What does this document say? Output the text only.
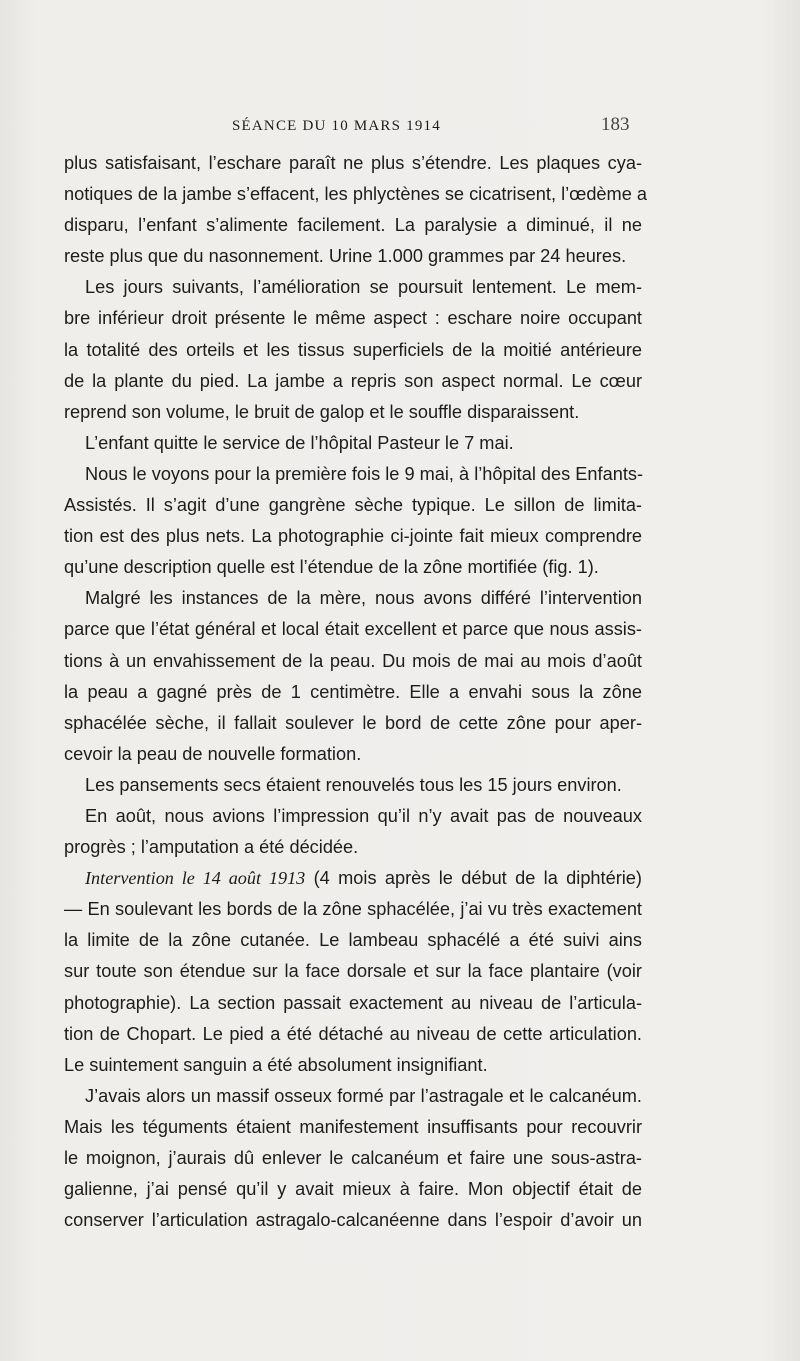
SÉANCE DU 10 MARS 1914	183
plus satisfaisant, l’eschare paraît ne plus s’étendre. Les plaques cya-
notiques de la jambe s’effacent, les phlyctènes se cicatrisent, l’œdème a
disparu, l’enfant s’alimente facilement. La paralysie a diminué, il ne
reste plus que du nasonnement. Urine 1.000 grammes par 24 heures.
Les jours suivants, l’amélioration se poursuit lentement. Le mem-
bre inférieur droit présente le même aspect : eschare noire occupant
la totalité des orteils et les tissus superficiels de la moitié antérieure
de la plante du pied. La jambe a repris son aspect normal. Le cœur
reprend son volume, le bruit de galop et le souffle disparaissent.
L’enfant quitte le service de l’hôpital Pasteur le 7 mai.
Nous le voyons pour la première fois le 9 mai, à l’hôpital des Enfants-
Assistés. Il s’agit d’une gangrène sèche typique. Le sillon de limita-
tion est des plus nets. La photographie ci-jointe fait mieux comprendre
qu’une description quelle est l’étendue de la zône mortifiée (fig. 1).
Malgré les instances de la mère, nous avons différé l’intervention
parce que l’état général et local était excellent et parce que nous assis-
tions à un envahissement de la peau. Du mois de mai au mois d’août
la peau a gagné près de 1 centimètre. Elle a envahi sous la zône
sphacélée sèche, il fallait soulever le bord de cette zône pour aper-
cevoir la peau de nouvelle formation.
Les pansements secs étaient renouvelés tous les 15 jours environ.
En août, nous avions l’impression qu’il n’y avait pas de nouveaux
progrès ; l’amputation a été décidée.
Intervention le 14 août 1913 (4 mois après le début de la diphtérie)
— En soulevant les bords de la zône sphacélée, j’ai vu très exactement
la limite de la zône cutanée. Le lambeau sphacélé a été suivi ains
sur toute son étendue sur la face dorsale et sur la face plantaire (voir
photographie). La section passait exactement au niveau de l’articula-
tion de Chopart. Le pied a été détaché au niveau de cette articulation.
Le suintement sanguin a été absolument insignifiant.
J’avais alors un massif osseux formé par l’astragale et le calcanéum.
Mais les téguments étaient manifestement insuffisants pour recouvrir
le moignon, j’aurais dû enlever le calcanéum et faire une sous-astra-
galienne, j’ai pensé qu’il y avait mieux à faire. Mon objectif était de
conserver l’articulation astragalo-calcanéenne dans l’espoir d’avoir un
